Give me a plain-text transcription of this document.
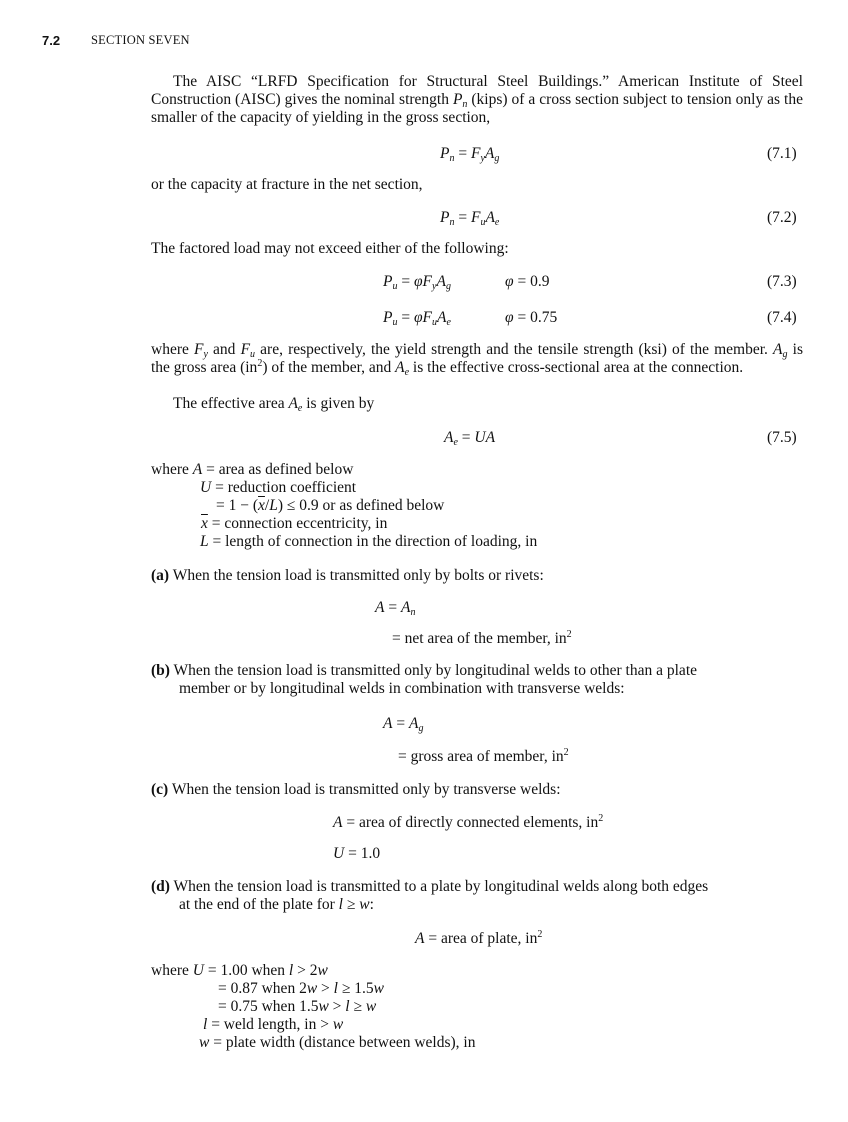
7.2 SECTION SEVEN
The AISC “LRFD Specification for Structural Steel Buildings.” American Institute of Steel Construction (AISC) gives the nominal strength $P_n$ (kips) of a cross section subject to tension only as the smaller of the capacity of yielding in the gross section,
$P_n = F_yA_g$	(7.1)
or the capacity at fracture in the net section,
$P_n = F_uA_e$	(7.2)
The factored load may not exceed either of the following:
$P_u = \varphi F_yA_g$	φ = 0.9	(7.3)
$P_u = \varphi F_uA_e$	φ = 0.75	(7.4)
where $F_y$ and $F_u$ are, respectively, the yield strength and the tensile strength (ksi) of the member. $A_g$ is the gross area $(in^2)$ of the member, and $A_e$ is the effective cross-sectional area at the connection.
The effective area $A_e$ is given by
$A_e$ = UA	(7.5)
where A = area as defined below
U = reduction coefficient
= $1 - (\overline{x}/L) \le 0.9$ or as defined below
$\overline{x}$ = connection eccentricity, in
L = length of connection in the direction of loading, in
(a) When the tension load is transmitted only by bolts or rivets:
$A = A_n$
= net area of the member, $in^2$
(b) When the tension load is transmitted only by longitudinal welds to other than a plate
member or by longitudinal welds in combination with transverse welds:
$A = A_g$
= gross area of member, $in^2$
(c) When the tension load is transmitted only by transverse welds:
A = area of directly connected elements, $in^2$
U = 1.0
(d) When the tension load is transmitted to a plate by longitudinal welds along both edges
at the end of the plate for l ≥ w:
A = area of plate, $in^2$
where U = 1.00 when l > 2w
= 0.87 when 2w > l ≥ 1.5w
= 0.75 when 1.5w > l ≥ w
l = weld length, in > w
w = plate width (distance between welds), in
